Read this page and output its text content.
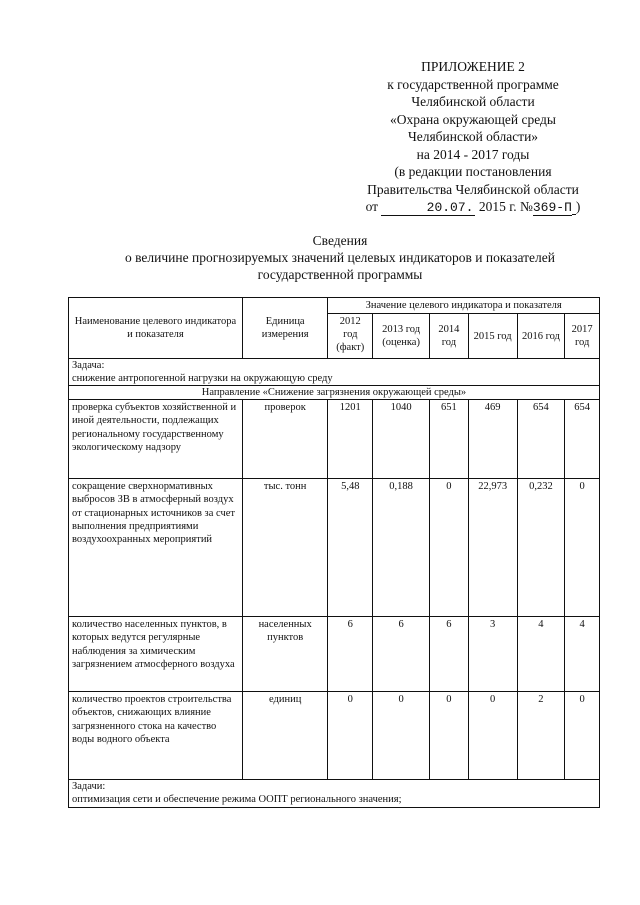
ПРИЛОЖЕНИЕ 2
к государственной программе
Челябинской области
«Охрана окружающей среды
Челябинской области»
на 2014 - 2017 годы
(в редакции постановления
Правительства Челябинской области
от	20.07. 2015 г. №369-П )
Сведения
о величине прогнозируемых значений целевых индикаторов и показателей
государственной программы
Наименование целевого индикатора и показателя	Единица измерения	Значение целевого индикатора и показателя					
		2012 год (факт)	2013 год (оценка)	2014 год	2015 год	2016 год	2017 год

Задача:
снижение антропогенной нагрузки на окружающую среду							

Направление «Снижение загрязнения окружающей среды»							
проверка субъектов хозяйственной и иной деятельности, подлежащих региональному государственному экологическому надзору	проверок	1201	1040	651	469	654	654
сокращение сверхнормативных выбросов ЗВ в атмосферный воздух от стационарных источников за счет выполнения предприятиями воздухоохранных мероприятий	тыс. тонн	5,48	0,188	0	22,973	0,232	0
количество населенных пунктов, в которых ведутся регулярные наблюдения за химическим загрязнением атмосферного воздуха	населенных пунктов	6	6	6	3	4	4
количество проектов строительства объектов, снижающих влияние загрязненного стока на качество воды водного объекта	единиц	0	0	0	0	2	0

Задачи:
оптимизация сети и обеспечение режима ООПТ регионального значения;							
